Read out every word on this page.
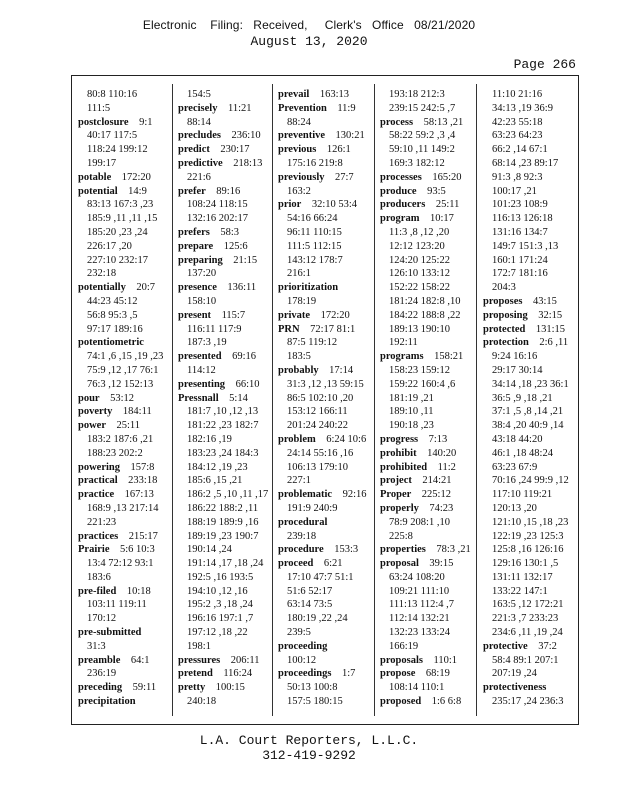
Electronic    Filing:   Received,     Clerk's   Office   08/21/2020
August 13, 2020
Page 266
80:8 110:16
111:5
postclosure  9:1
40:17 117:5
118:24 199:12
199:17
potable  172:20
potential  14:9
83:13 167:3 ,23
185:9 ,11 ,11 ,15
185:20 ,23 ,24
226:17 ,20
227:10 232:17
232:18
potentially  20:7
44:23 45:12
56:8 95:3 ,5
97:17 189:16
potentiometric
74:1 ,6 ,15 ,19 ,23
75:9 ,12 ,17 76:1
76:3 ,12 152:13
pour  53:12
poverty  184:11
power  25:11
183:2 187:6 ,21
188:23 202:2
powering  157:8
practical  233:18
practice  167:13
168:9 ,13 217:14
221:23
practices  215:17
Prairie  5:6 10:3
13:4 72:12 93:1
183:6
pre-filed  10:18
103:11 119:11
170:12
pre-submitted
31:3
preamble  64:1
236:19
preceding  59:11
precipitation
154:5
precisely  11:21
88:14
precludes  236:10
predict  230:17
predictive  218:13
221:6
prefer  89:16
108:24 118:15
132:16 202:17
prefers  58:3
prepare  125:6
preparing  21:15
137:20
presence  136:11
158:10
present  115:7
116:11 117:9
187:3 ,19
presented  69:16
114:12
presenting  66:10
Pressnall  5:14
181:7 ,10 ,12 ,13
181:22 ,23 182:7
182:16 ,19
183:23 ,24 184:3
184:12 ,19 ,23
185:6 ,15 ,21
186:2 ,5 ,10 ,11 ,17
186:22 188:2 ,11
188:19 189:9 ,16
189:19 ,23 190:7
190:14 ,24
191:14 ,17 ,18 ,24
192:5 ,16 193:5
194:10 ,12 ,16
195:2 ,3 ,18 ,24
196:16 197:1 ,7
197:12 ,18 ,22
198:1
pressures  206:11
pretend  116:24
pretty  100:15
240:18
prevail  163:13
Prevention  11:9
88:24
preventive  130:21
previous  126:1
175:16 219:8
previously  27:7
163:2
prior  32:10 53:4
54:16 66:24
96:11 110:15
111:5 112:15
143:12 178:7
216:1
prioritization
178:19
private  172:20
PRN  72:17 81:1
87:5 119:12
183:5
probably  17:14
31:3 ,12 ,13 59:15
86:5 102:10 ,20
153:12 166:11
201:24 240:22
problem  6:24 10:6
24:14 55:16 ,16
106:13 179:10
227:1
problematic  92:16
191:9 240:9
procedural
239:18
procedure  153:3
proceed  6:21
17:10 47:7 51:1
51:6 52:17
63:14 73:5
180:19 ,22 ,24
239:5
proceeding
100:12
proceedings  1:7
50:13 100:8
157:5 180:15
193:18 212:3
239:15 242:5 ,7
process  58:13 ,21
58:22 59:2 ,3 ,4
59:10 ,11 149:2
169:3 182:12
processes  165:20
produce  93:5
producers  25:11
program  10:17
11:3 ,8 ,12 ,20
12:12 123:20
124:20 125:22
126:10 133:12
152:22 158:22
181:24 182:8 ,10
184:22 188:8 ,22
189:13 190:10
192:11
programs  158:21
158:23 159:12
159:22 160:4 ,6
181:19 ,21
189:10 ,11
190:18 ,23
progress  7:13
prohibit  140:20
prohibited  11:2
project  214:21
Proper  225:12
properly  74:23
78:9 208:1 ,10
225:8
properties  78:3 ,21
proposal  39:15
63:24 108:20
109:21 111:10
111:13 112:4 ,7
112:14 132:21
132:23 133:24
166:19
proposals  110:1
propose  68:19
108:14 110:1
proposed  1:6 6:8
11:10 21:16
34:13 ,19 36:9
42:23 55:18
63:23 64:23
66:2 ,14 67:1
68:14 ,23 89:17
91:3 ,8 92:3
100:17 ,21
101:23 108:9
116:13 126:18
131:16 134:7
149:7 151:3 ,13
160:1 171:24
172:7 181:16
204:3
proposes  43:15
proposing  32:15
protected  131:15
protection  2:6 ,11
9:24 16:16
29:17 30:14
34:14 ,18 ,23 36:1
36:5 ,9 ,18 ,21
37:1 ,5 ,8 ,14 ,21
38:4 ,20 40:9 ,14
43:18 44:20
46:1 ,18 48:24
63:23 67:9
70:16 ,24 99:9 ,12
117:10 119:21
120:13 ,20
121:10 ,15 ,18 ,23
122:19 ,23 125:3
125:8 ,16 126:16
129:16 130:1 ,5
131:11 132:17
133:22 147:1
163:5 ,12 172:21
221:3 ,7 233:23
234:6 ,11 ,19 ,24
protective  37:2
58:4 89:1 207:1
207:19 ,24
protectiveness
235:17 ,24 236:3
L.A. Court Reporters, L.L.C.
312-419-9292
